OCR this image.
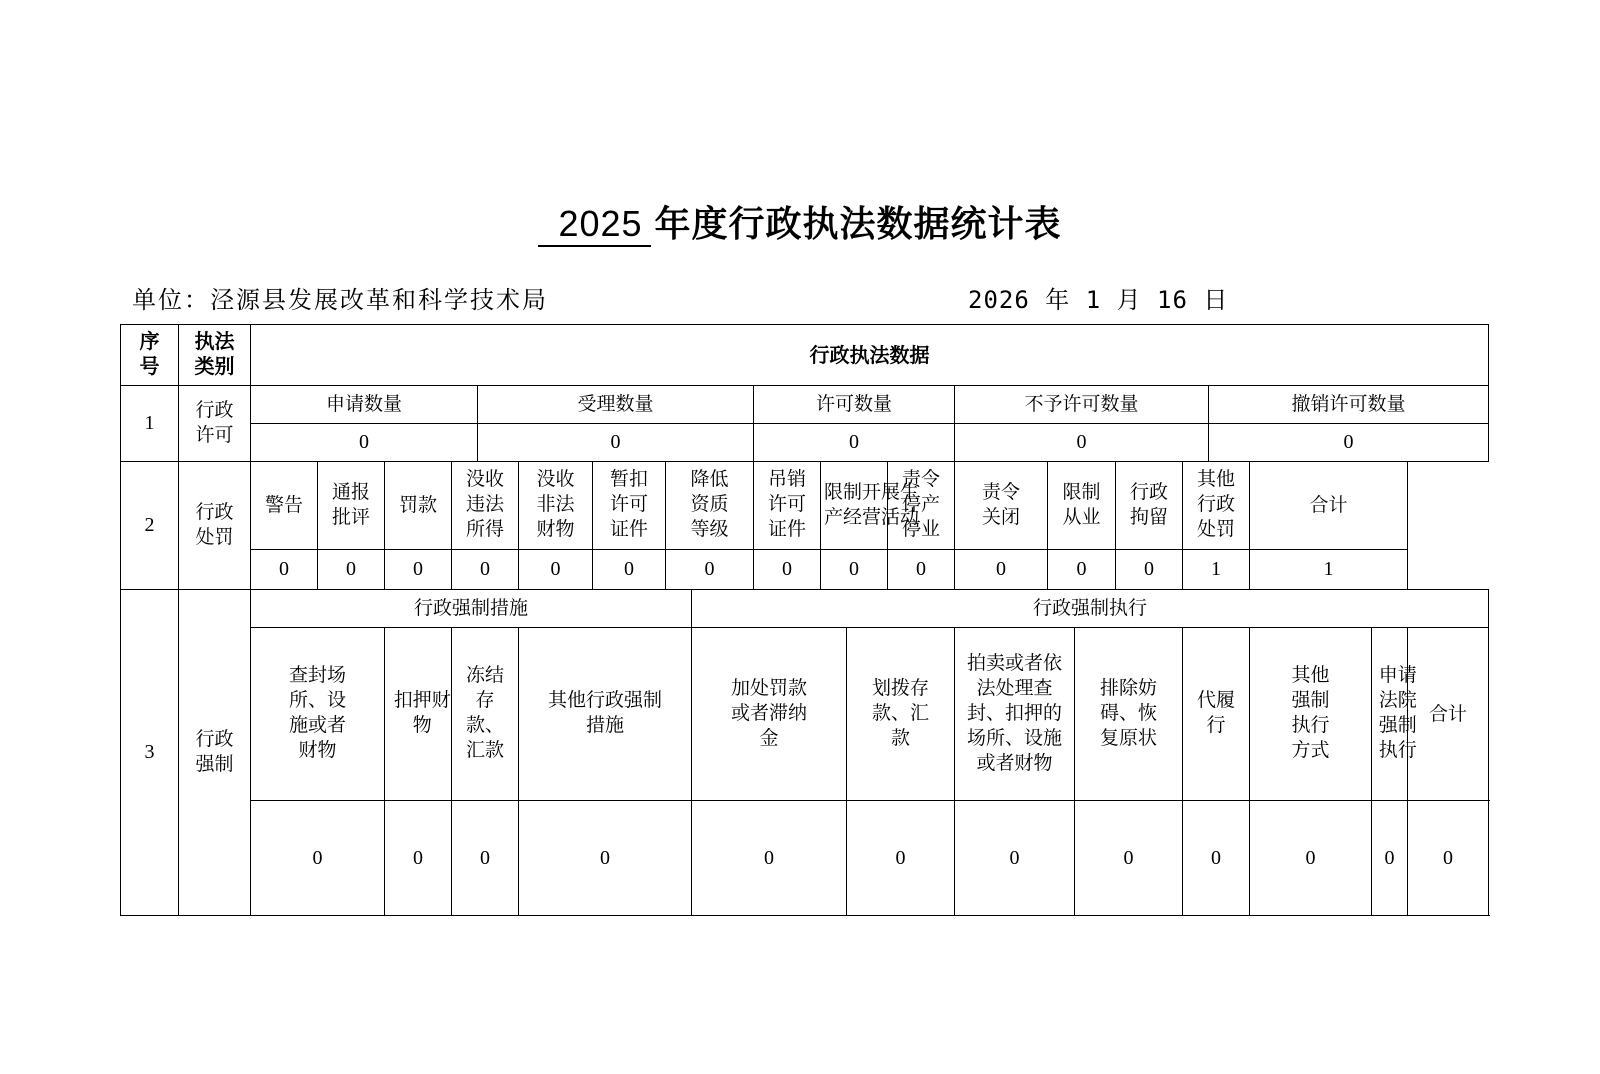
2025 年度行政执法数据统计表
单位：泾源县发展改革和科学技术局	2026 年 1 月 16 日
序号	执法类别	行政执法数据																					
1	行政许可	申请数量				受理数量					许可数量				不予许可数量					撤销许可数量			
		0				0					0				0					0			
2	行政处罚	警告	通报批评	罚款	没收违法所得		没收非法财物	暂扣许可证件	降低资质等级		吊销许可证件	限制开展生产经营活动		责令停产停业	责令关闭	限制从业		行政拘留	其他行政处罚		合计		
		0	0	0	0		0	0	0		0	0		0	0	0		0	1		1		
3	行政强制	行政强制措施								行政强制执行													
		查封场所、设施或者财物		扣押财物	冻结存款、汇款		其他行政强制措施			加处罚款或者滞纳金			划拨存款、汇款		拍卖或者依法处理查封、扣押的场所、设施或者财物		排除妨碍、恢复原状		代履行		其他强制执行方式	申请法院强制执行	合计
		0		0	0		0			0			0		0		0		0		0	0	0
